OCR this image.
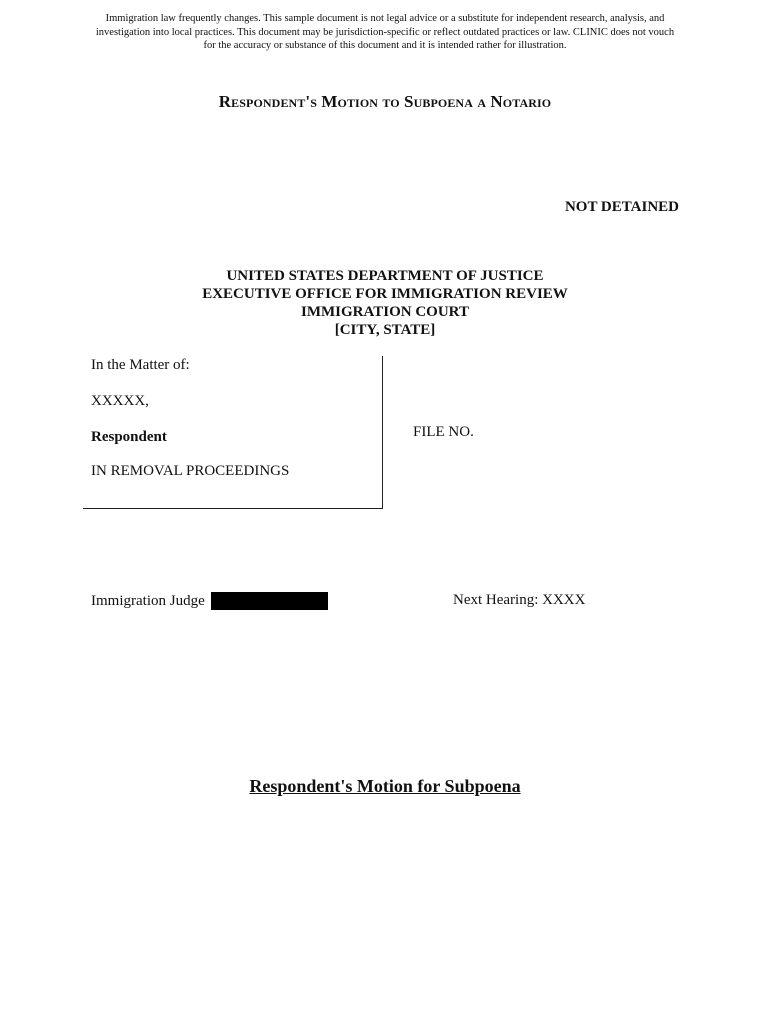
Immigration law frequently changes. This sample document is not legal advice or a substitute for independent research, analysis, and
investigation into local practices. This document may be jurisdiction-specific or reflect outdated practices or law. CLINIC does not vouch
for the accuracy or substance of this document and it is intended rather for illustration.
Respondent's Motion to Subpoena a Notario
NOT DETAINED
UNITED STATES DEPARTMENT OF JUSTICE
EXECUTIVE OFFICE FOR IMMIGRATION REVIEW
IMMIGRATION COURT
[CITY, STATE]
In the Matter of:
XXXXX,
Respondent
IN REMOVAL PROCEEDINGS
FILE NO.
Immigration Judge	Next Hearing: XXXX
Respondent's Motion for Subpoena
